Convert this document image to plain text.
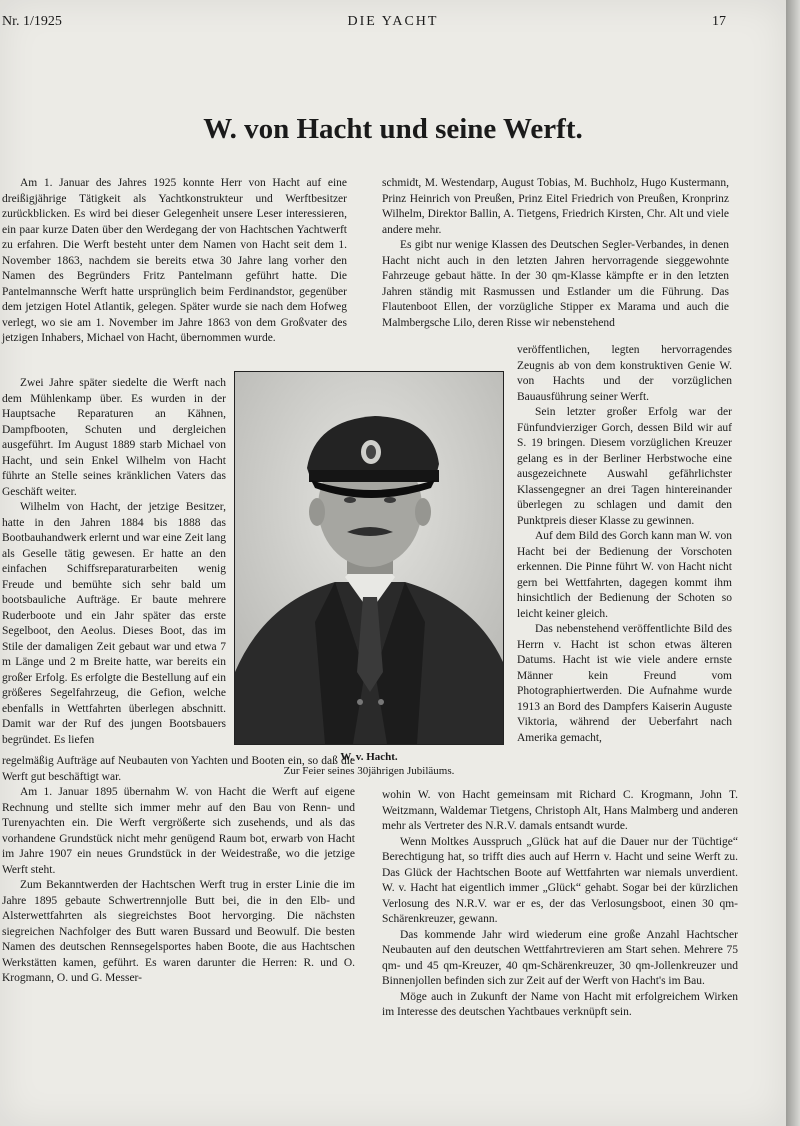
Nr. 1/1925	DIE YACHT	17
W. von Hacht und seine Werft.

Am 1. Januar des Jahres 1925 konnte Herr von Hacht auf eine dreißigjährige Tätigkeit als Yachtkonstrukteur und Werftbesitzer zurückblicken. Es wird bei dieser Gelegenheit unsere Leser interessieren, ein paar kurze Daten über den Werdegang der von Hachtschen Yachtwerft zu erfahren. Die Werft besteht unter dem Namen von Hacht seit dem 1. November 1863, nachdem sie bereits etwa 30 Jahre lang vorher den Namen des Begründers Fritz Pantelmann geführt hatte. Die Pantelmannsche Werft hatte ursprünglich beim Ferdinandstor, gegenüber dem jetzigen Hotel Atlantik, gelegen. Später wurde sie nach dem Hofweg verlegt, wo sie am 1. November im Jahre 1863 von dem Großvater des jetzigen Inhabers, Michael von Hacht, übernommen wurde.

Zwei Jahre später siedelte die Werft nach dem Mühlenkamp über. Es wurden in der Hauptsache Reparaturen an Kähnen, Dampfbooten, Schuten und dergleichen ausgeführt. Im August 1889 starb Michael von Hacht, und sein Enkel Wilhelm von Hacht führte an Stelle seines kränklichen Vaters das Geschäft weiter.

Wilhelm von Hacht, der jetzige Besitzer, hatte in den Jahren 1884 bis 1888 das Bootbauhandwerk erlernt und war eine Zeit lang als Geselle tätig gewesen. Er hatte an den einfachen Schiffsreparaturarbeiten wenig Freude und bemühte sich sehr bald um bootsbauliche Aufträge. Er baute mehrere Ruderboote und ein Jahr später das erste Segelboot, den Aeolus. Dieses Boot, das im Stile der damaligen Zeit gebaut war und etwa 7 m Länge und 2 m Breite hatte, war bereits ein großer Erfolg. Es erfolgte die Bestellung auf ein größeres Segelfahrzeug, die Gefion, welche ebenfalls in Wettfahrten überlegen abschnitt. Damit war der Ruf des jungen Bootsbauers begründet. Es liefen

regelmäßig Aufträge auf Neubauten von Yachten und Booten ein, so daß die Werft gut beschäftigt war.

Am 1. Januar 1895 übernahm W. von Hacht die Werft auf eigene Rechnung und stellte sich immer mehr auf den Bau von Renn- und Turenyachten ein. Die Werft vergrößerte sich zusehends, und als das vorhandene Grundstück nicht mehr genügend Raum bot, erwarb von Hacht im Jahre 1907 ein neues Grundstück in der Weidestraße, wo die jetzige Werft steht.

Zum Bekanntwerden der Hachtschen Werft trug in erster Linie die im Jahre 1895 gebaute Schwertrennjolle Butt bei, die in den Elb- und Alsterwettfahrten als siegreichstes Boot hervorging. Die nächsten siegreichen Nachfolger des Butt waren Bussard und Beowulf. Die besten Namen des deutschen Rennsegelsportes haben Boote, die aus Hachtschen Werkstätten kamen, geführt. Es waren darunter die Herren: R. und O. Krogmann, O. und G. Messer-

W. v. Hacht.
Zur Feier seines 30jährigen Jubiläums.

schmidt, M. Westendarp, August Tobias, M. Buchholz, Hugo Kustermann, Prinz Heinrich von Preußen, Prinz Eitel Friedrich von Preußen, Kronprinz Wilhelm, Direktor Ballin, A. Tietgens, Friedrich Kirsten, Chr. Alt und viele andere mehr.

Es gibt nur wenige Klassen des Deutschen Segler-Verbandes, in denen Hacht nicht auch in den letzten Jahren hervorragende sieggewohnte Fahrzeuge gebaut hätte. In der 30 qm-Klasse kämpfte er in den letzten Jahren ständig mit Rasmussen und Estlander um die Führung. Das Flautenboot Ellen, der vorzügliche Stipper ex Marama und auch die Malmbergsche Lilo, deren Risse wir nebenstehend

veröffentlichen, legten hervorragendes Zeugnis ab von dem konstruktiven Genie W. von Hachts und der vorzüglichen Bauausführung seiner Werft.

Sein letzter großer Erfolg war der Fünfundvierziger Gorch, dessen Bild wir auf S. 19 bringen. Diesem vorzüglichen Kreuzer gelang es in der Berliner Herbstwoche eine ausgezeichnete Auswahl gefährlichster Klassengegner an drei Tagen hintereinander überlegen zu schlagen und damit den Punktpreis dieser Klasse zu gewinnen.

Auf dem Bild des Gorch kann man W. von Hacht bei der Bedienung der Vorschoten erkennen. Die Pinne führt W. von Hacht nicht gern bei Wettfahrten, dagegen kommt ihm hinsichtlich der Bedienung der Schoten so leicht keiner gleich.

Das nebenstehend veröffentlichte Bild des Herrn v. Hacht ist schon etwas älteren Datums. Hacht ist wie viele andere ernste Männer kein Freund vom Photographiertwerden. Die Aufnahme wurde 1913 an Bord des Dampfers Kaiserin Auguste Viktoria, während der Ueberfahrt nach Amerika gemacht,

wohin W. von Hacht gemeinsam mit Richard C. Krogmann, John T. Weitzmann, Waldemar Tietgens, Christoph Alt, Hans Malmberg und anderen mehr als Vertreter des N.R.V. damals entsandt wurde.

Wenn Moltkes Ausspruch „Glück hat auf die Dauer nur der Tüchtige“ Berechtigung hat, so trifft dies auch auf Herrn v. Hacht und seine Werft zu. Das Glück der Hachtschen Boote auf Wettfahrten war niemals unverdient. W. v. Hacht hat eigentlich immer „Glück“ gehabt. Sogar bei der kürzlichen Verlosung des N.R.V. war er es, der das Verlosungsboot, einen 30 qm-Schärenkreuzer, gewann.

Das kommende Jahr wird wiederum eine große Anzahl Hachtscher Neubauten auf den deutschen Wettfahrtrevieren am Start sehen. Mehrere 75 qm- und 45 qm-Kreuzer, 40 qm-Schärenkreuzer, 30 qm-Jollenkreuzer und Binnenjollen befinden sich zur Zeit auf der Werft von Hacht's im Bau.

Möge auch in Zukunft der Name von Hacht mit erfolgreichem Wirken im Interesse des deutschen Yachtbaues verknüpft sein.
